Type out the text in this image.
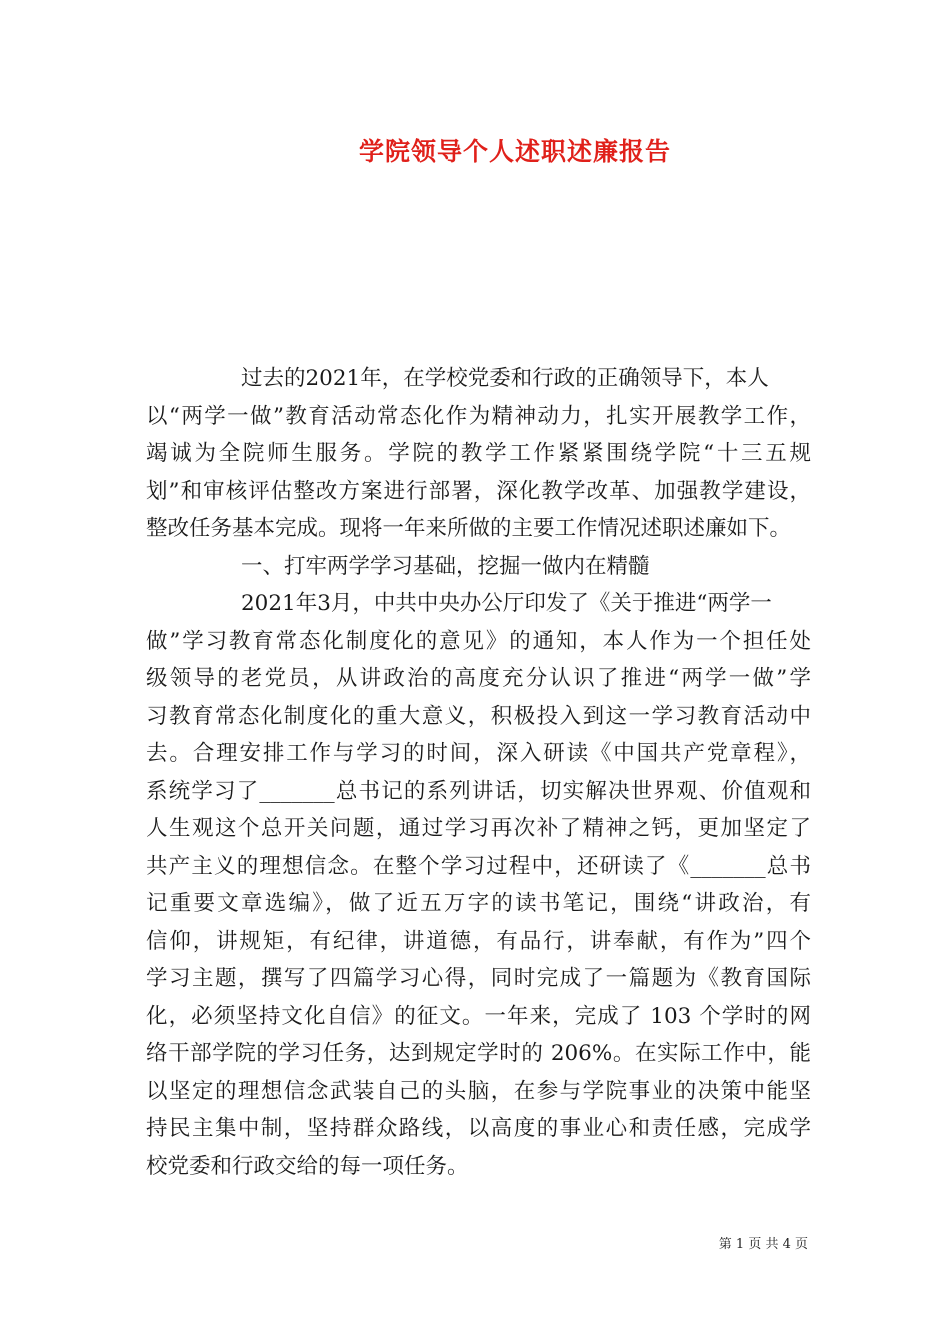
学院领导个人述职述廉报告
过去的2021年，在学校党委和行政的正确领导下，本人
以“两学一做”教育活动常态化作为精神动力，扎实开展教学工作，
竭诚为全院师生服务。学院的教学工作紧紧围绕学院“十三五规
划”和审核评估整改方案进行部署，深化教学改革、加强教学建设，
整改任务基本完成。现将一年来所做的主要工作情况述职述廉如下。
一、打牢两学学习基础，挖掘一做内在精髓
2021年3月，中共中央办公厅印发了《关于推进“两学一
做”学习教育常态化制度化的意见》的通知，本人作为一个担任处
级领导的老党员，从讲政治的高度充分认识了推进“两学一做”学
习教育常态化制度化的重大意义，积极投入到这一学习教育活动中
去。合理安排工作与学习的时间，深入研读《中国共产党章程》，
系统学习了_______总书记的系列讲话，切实解决世界观、价值观和
人生观这个总开关问题，通过学习再次补了精神之钙，更加坚定了
共产主义的理想信念。在整个学习过程中，还研读了《_______总书
记重要文章选编》，做了近五万字的读书笔记，围绕“讲政治，有
信仰，讲规矩，有纪律，讲道德，有品行，讲奉献，有作为”四个
学习主题，撰写了四篇学习心得，同时完成了一篇题为《教育国际
化，必须坚持文化自信》的征文。一年来，完成了 103 个学时的网
络干部学院的学习任务，达到规定学时的 206%。在实际工作中，能
以坚定的理想信念武装自己的头脑，在参与学院事业的决策中能坚
持民主集中制，坚持群众路线，以高度的事业心和责任感，完成学
校党委和行政交给的每一项任务。
第 1 页 共 4 页
